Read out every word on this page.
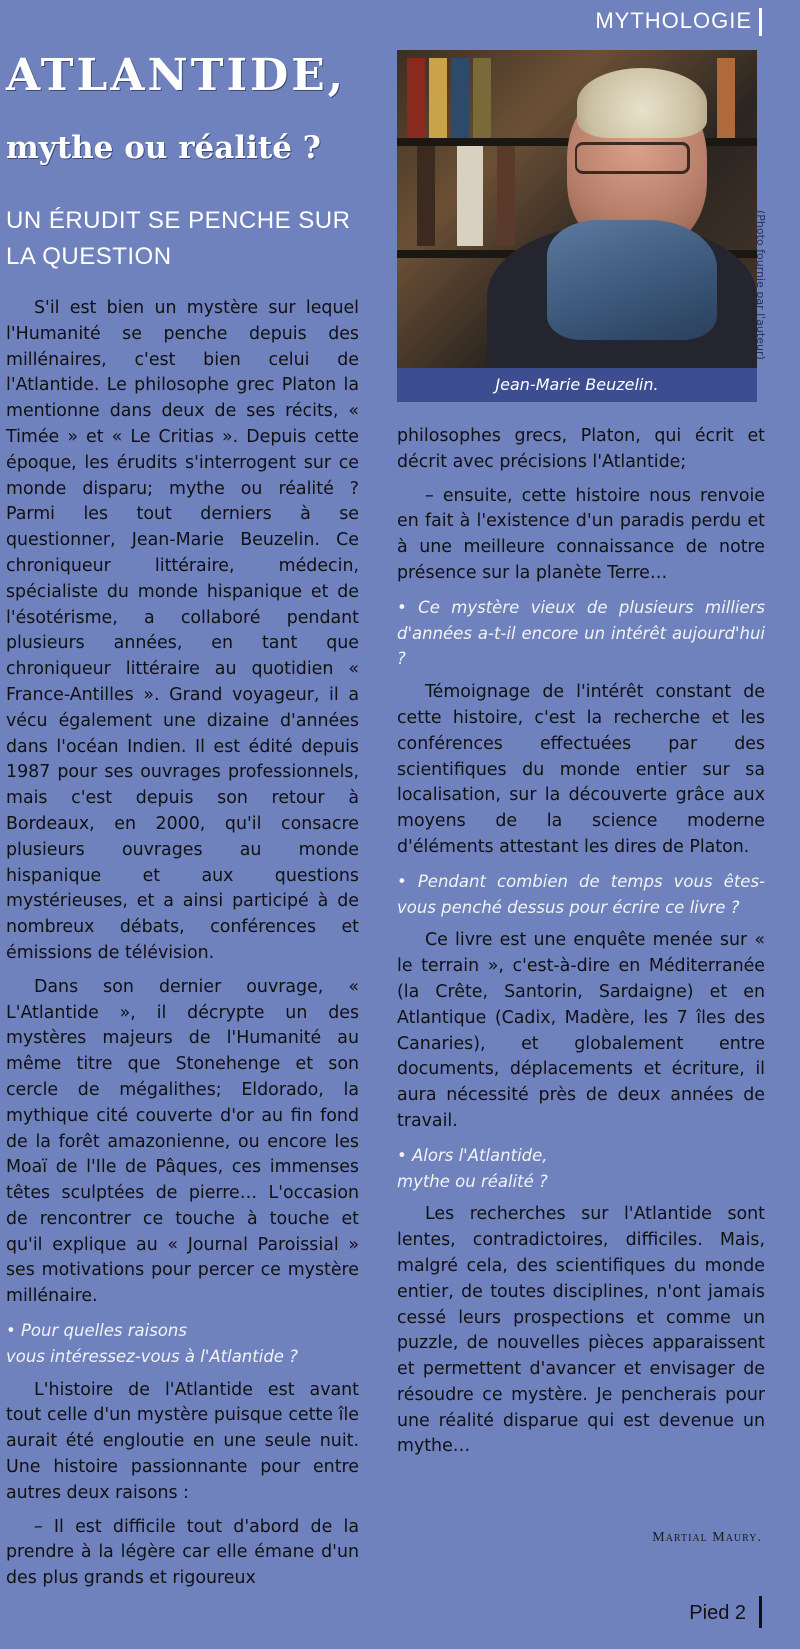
MYTHOLOGIE
ATLANTIDE,
mythe ou réalité ?
UN ÉRUDIT SE PENCHE SUR LA QUESTION

S'il est bien un mystère sur lequel l'Humanité se penche depuis des millénaires, c'est bien celui de l'Atlantide. Le philosophe grec Platon la mentionne dans deux de ses récits, « Timée » et « Le Critias ». Depuis cette époque, les érudits s'interrogent sur ce monde disparu; mythe ou réalité ? Parmi les tout derniers à se questionner, Jean-Marie Beuzelin. Ce chroniqueur littéraire, médecin, spécialiste du monde hispanique et de l'ésotérisme, a collaboré pendant plusieurs années, en tant que chroniqueur littéraire au quotidien « France-Antilles ». Grand voyageur, il a vécu également une dizaine d'années dans l'océan Indien. Il est édité depuis 1987 pour ses ouvrages professionnels, mais c'est depuis son retour à Bordeaux, en 2000, qu'il consacre plusieurs ouvrages au monde hispanique et aux questions mystérieuses, et a ainsi participé à de nombreux débats, conférences et émissions de télévision.

Dans son dernier ouvrage, « L'Atlantide », il décrypte un des mystères majeurs de l'Humanité au même titre que Stonehenge et son cercle de mégalithes; Eldorado, la mythique cité couverte d'or au fin fond de la forêt amazonienne, ou encore les Moaï de l'Ile de Pâques, ces immenses têtes sculptées de pierre… L'occasion de rencontrer ce touche à touche et qu'il explique au « Journal Paroissial » ses motivations pour percer ce mystère millénaire.

• Pour quelles raisons
vous intéressez-vous à l'Atlantide ?

L'histoire de l'Atlantide est avant tout celle d'un mystère puisque cette île aurait été engloutie en une seule nuit. Une histoire passionnante pour entre autres deux raisons :

– Il est difficile tout d'abord de la prendre à la légère car elle émane d'un des plus grands et rigoureux

Jean-Marie Beuzelin.
(Photo fournie par l'auteur)

philosophes grecs, Platon, qui écrit et décrit avec précisions l'Atlantide;

– ensuite, cette histoire nous renvoie en fait à l'existence d'un paradis perdu et à une meilleure connaissance de notre présence sur la planète Terre…

• Ce mystère vieux de plusieurs milliers d'années a-t-il encore un intérêt aujourd'hui ?

Témoignage de l'intérêt constant de cette histoire, c'est la recherche et les conférences effectuées par des scientifiques du monde entier sur sa localisation, sur la découverte grâce aux moyens de la science moderne d'éléments attestant les dires de Platon.

• Pendant combien de temps vous êtes-vous penché dessus pour écrire ce livre ?

Ce livre est une enquête menée sur « le terrain », c'est-à-dire en Méditerranée (la Crête, Santorin, Sardaigne) et en Atlantique (Cadix, Madère, les 7 îles des Canaries), et globalement entre documents, déplacements et écriture, il aura nécessité près de deux années de travail.

• Alors l'Atlantide,
mythe ou réalité ?

Les recherches sur l'Atlantide sont lentes, contradictoires, difficiles. Mais, malgré cela, des scientifiques du monde entier, de toutes disciplines, n'ont jamais cessé leurs prospections et comme un puzzle, de nouvelles pièces apparaissent et permettent d'avancer et envisager de résoudre ce mystère. Je pencherais pour une réalité disparue qui est devenue un mythe…

Martial Maury.
Pied 2
